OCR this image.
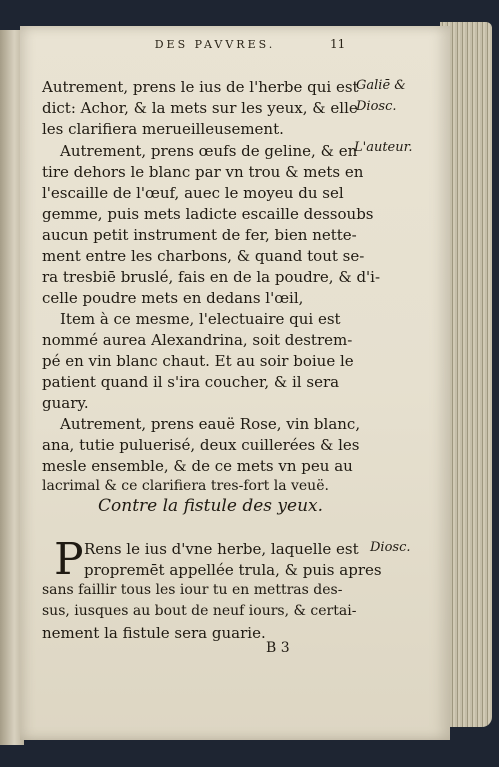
DES PAVVRES.	11
Galiē &
Diosc.
L'auteur.
Diosc.
Autrement, prens le ius de l'herbe qui est
dict: Achor, & la mets sur les yeux, & elle
les clarifiera merueilleusement.
Autrement, prens œufs de geline, & en
tire dehors le blanc par vn trou & mets en
l'escaille de l'œuf, auec le moyeu du sel
gemme, puis mets ladicte escaille dessoubs
aucun petit instrument de fer, bien nette-
ment entre les charbons, & quand tout se-
ra tresbiē bruslé, fais en de la poudre, & d'i-
celle poudre mets en dedans l'œil,
Item à ce mesme, l'electuaire qui est
nommé aurea Alexandrina, soit destrem-
pé en vin blanc chaut. Et au soir boiue le
patient quand il s'ira coucher, & il sera
guary.
Autrement, prens eauë Rose, vin blanc,
ana, tutie puluerisé, deux cuillerées & les
mesle ensemble, & de ce mets vn peu au
lacrimal & ce clarifiera tres-fort la veuë.
Contre la fistule des yeux.
P Rens le ius d'vne herbe, laquelle est
propremēt appellée trula, & puis apres
sans faillir tous les iour tu en mettras des-
sus, iusques au bout de neuf iours, & certai-
nement la fistule sera guarie.
B 3
